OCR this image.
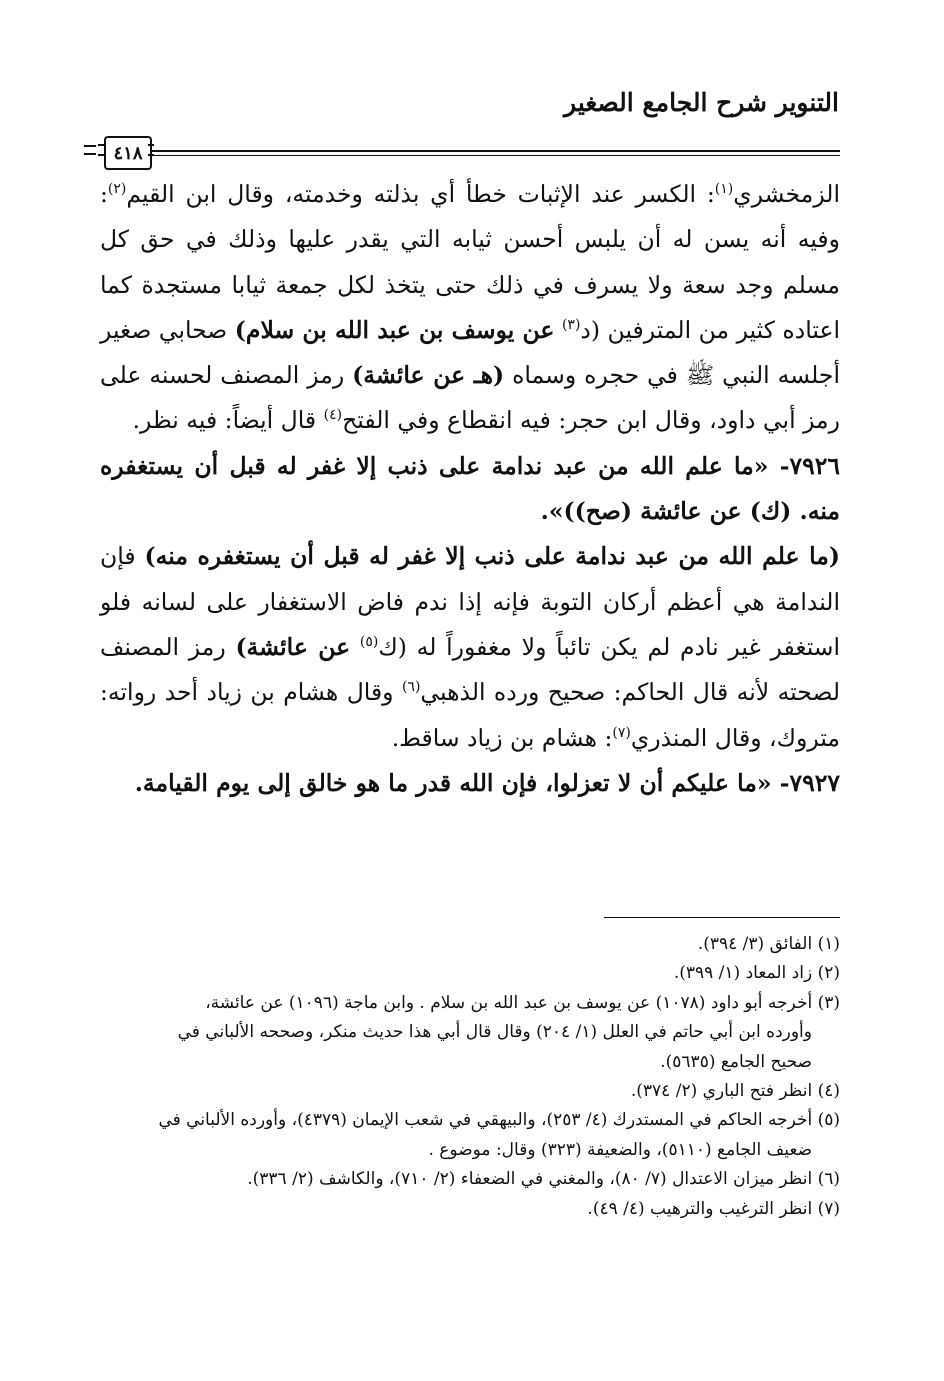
التنوير شرح الجامع الصغير
٤١٨

الزمخشري$^{(١)}$: الكسر عند الإثبات خطأ أي بذلته وخدمته، وقال ابن القيم$^{(٢)}$: وفيه أنه يسن له أن يلبس أحسن ثيابه التي يقدر عليها وذلك في حق كل مسلم وجد سعة ولا يسرف في ذلك حتى يتخذ لكل جمعة ثيابا مستجدة كما اعتاده كثير من المترفين (د$^{(٣)}$ عن يوسف بن عبد الله بن سلام) صحابي صغير أجلسه النبي ﷺ في حجره وسماه (هـ عن عائشة) رمز المصنف لحسنه على رمز أبي داود، وقال ابن حجر: فيه انقطاع وفي الفتح$^{(٤)}$ قال أيضاً: فيه نظر.

٧٩٢٦- «ما علم الله من عبد ندامة على ذنب إلا غفر له قبل أن يستغفره منه. (ك) عن عائشة (صح))».

(ما علم الله من عبد ندامة على ذنب إلا غفر له قبل أن يستغفره منه) فإن الندامة هي أعظم أركان التوبة فإنه إذا ندم فاض الاستغفار على لسانه فلو استغفر غير نادم لم يكن تائباً ولا مغفوراً له (ك$^{(٥)}$ عن عائشة) رمز المصنف لصحته لأنه قال الحاكم: صحيح ورده الذهبي$^{(٦)}$ وقال هشام بن زياد أحد رواته: متروك، وقال المنذري$^{(٧)}$: هشام بن زياد ساقط.

٧٩٢٧- «ما عليكم أن لا تعزلوا، فإن الله قدر ما هو خالق إلى يوم القيامة.

(١) الفائق (٣/ ٣٩٤).

(٢) زاد المعاد (١/ ٣٩٩).

(٣) أخرجه أبو داود (١٠٧٨) عن يوسف بن عبد الله بن سلام . وابن ماجة (١٠٩٦) عن عائشة،

وأورده ابن أبي حاتم في العلل (١/ ٢٠٤) وقال قال أبي هذا حديث منكر، وصححه الألباني في

صحيح الجامع (٥٦٣٥).

(٤) انظر فتح الباري (٢/ ٣٧٤).

(٥) أخرجه الحاكم في المستدرك (٤/ ٢٥٣)، والبيهقي في شعب الإيمان (٤٣٧٩)، وأورده الألباني في

ضعيف الجامع (٥١١٠)، والضعيفة (٣٢٣) وقال: موضوع .

(٦) انظر ميزان الاعتدال (٧/ ٨٠)، والمغني في الضعفاء (٢/ ٧١٠)، والكاشف (٢/ ٣٣٦).

(٧) انظر الترغيب والترهيب (٤/ ٤٩).
